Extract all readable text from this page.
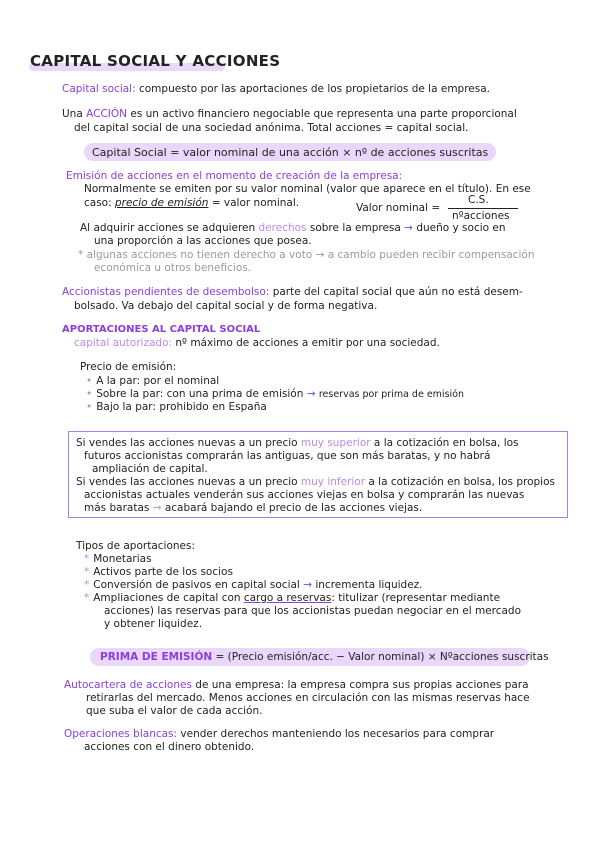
CAPITAL SOCIAL Y ACCIONES
Capital social: compuesto por las aportaciones de los propietarios de la empresa.
Una ACCIÓN es un activo financiero negociable que representa una parte proporcional
del capital social de una sociedad anónima. Total acciones = capital social.
Capital Social = valor nominal de una acción × nº de acciones suscritas
Emisión de acciones en el momento de creación de la empresa:
Normalmente se emiten por su valor nominal (valor que aparece en el título). En ese
caso: precio de emisión = valor nominal.	Valor nominal =
C.S.
nºacciones
Al adquirir acciones se adquieren derechos sobre la empresa → dueño y socio en
una proporción a las acciones que posea.
* algunas acciones no tienen derecho a voto → a cambio pueden recibir compensación
económica u otros beneficios.
Accionistas pendientes de desembolso: parte del capital social que aún no está desem-
bolsado. Va debajo del capital social y de forma negativa.
APORTACIONES AL CAPITAL SOCIAL
capital autorizado: nº máximo de acciones a emitir por una sociedad.
Precio de emisión:
• A la par: por el nominal
• Sobre la par: con una prima de emisión → reservas por prima de emisión
• Bajo la par: prohibido en España
Si vendes las acciones nuevas a un precio muy superior a la cotización en bolsa, los
futuros accionistas comprarán las antiguas, que son más baratas, y no habrá
ampliación de capital.
Si vendes las acciones nuevas a un precio muy inferior a la cotización en bolsa, los propios
accionistas actuales venderán sus acciones viejas en bolsa y comprarán las nuevas
más baratas → acabará bajando el precio de las acciones viejas.
Tipos de aportaciones:
* Monetarias
* Activos parte de los socios
* Conversión de pasivos en capital social → incrementa liquidez.
* Ampliaciones de capital con cargo a reservas: titulizar (representar mediante
acciones) las reservas para que los accionistas puedan negociar en el mercado
y obtener liquidez.
PRIMA DE EMISIÓN = (Precio emisión/acc. − Valor nominal) × Nºacciones suscritas
Autocartera de acciones de una empresa: la empresa compra sus propias acciones para
retirarlas del mercado. Menos acciones en circulación con las mismas reservas hace
que suba el valor de cada acción.
Operaciones blancas: vender derechos manteniendo los necesarios para comprar
acciones con el dinero obtenido.
